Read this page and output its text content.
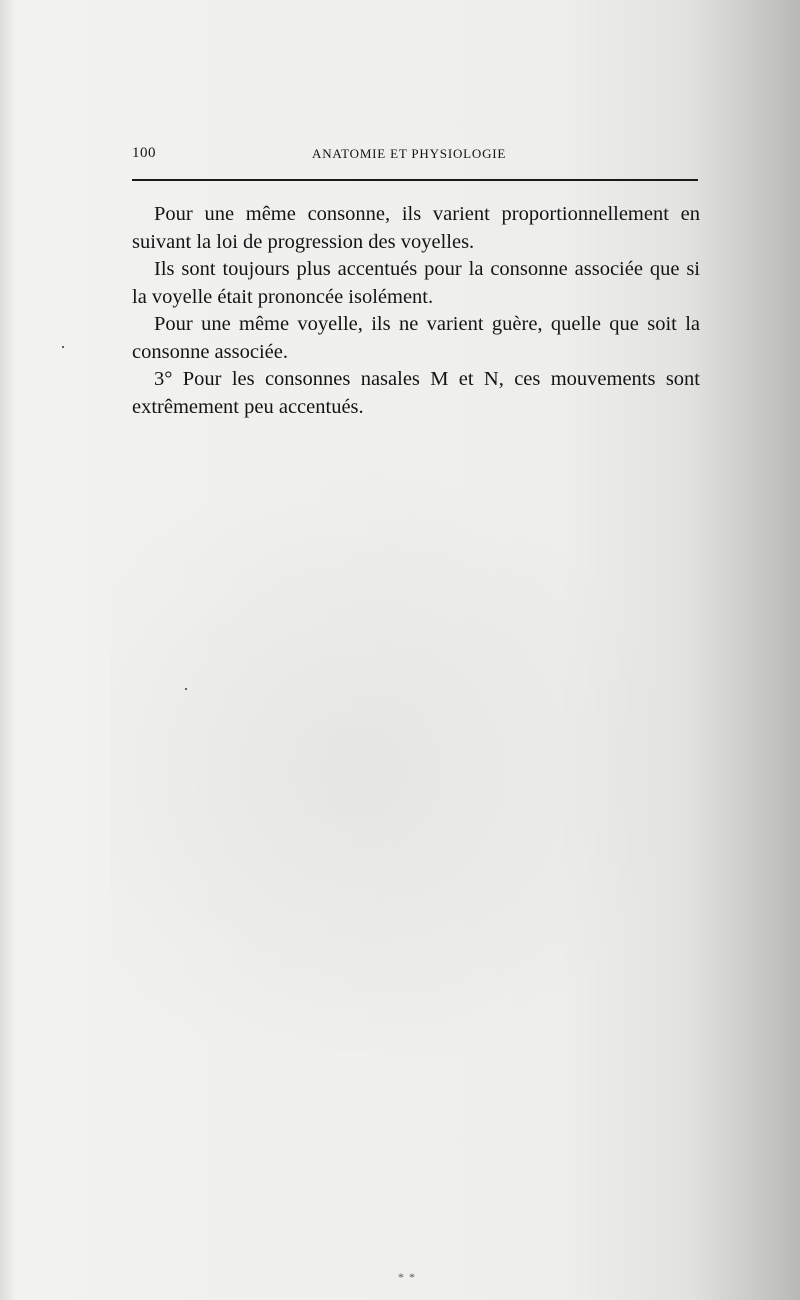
100	ANATOMIE ET PHYSIOLOGIE

Pour une même consonne, ils varient proportionnellement en suivant la loi de progression des voyelles.

Ils sont toujours plus accentués pour la consonne associée que si la voyelle était prononcée isolément.

Pour une même voyelle, ils ne varient guère, quelle que soit la consonne associée.

3° Pour les consonnes nasales M et N, ces mouvements sont extrêmement peu accentués.

* *
